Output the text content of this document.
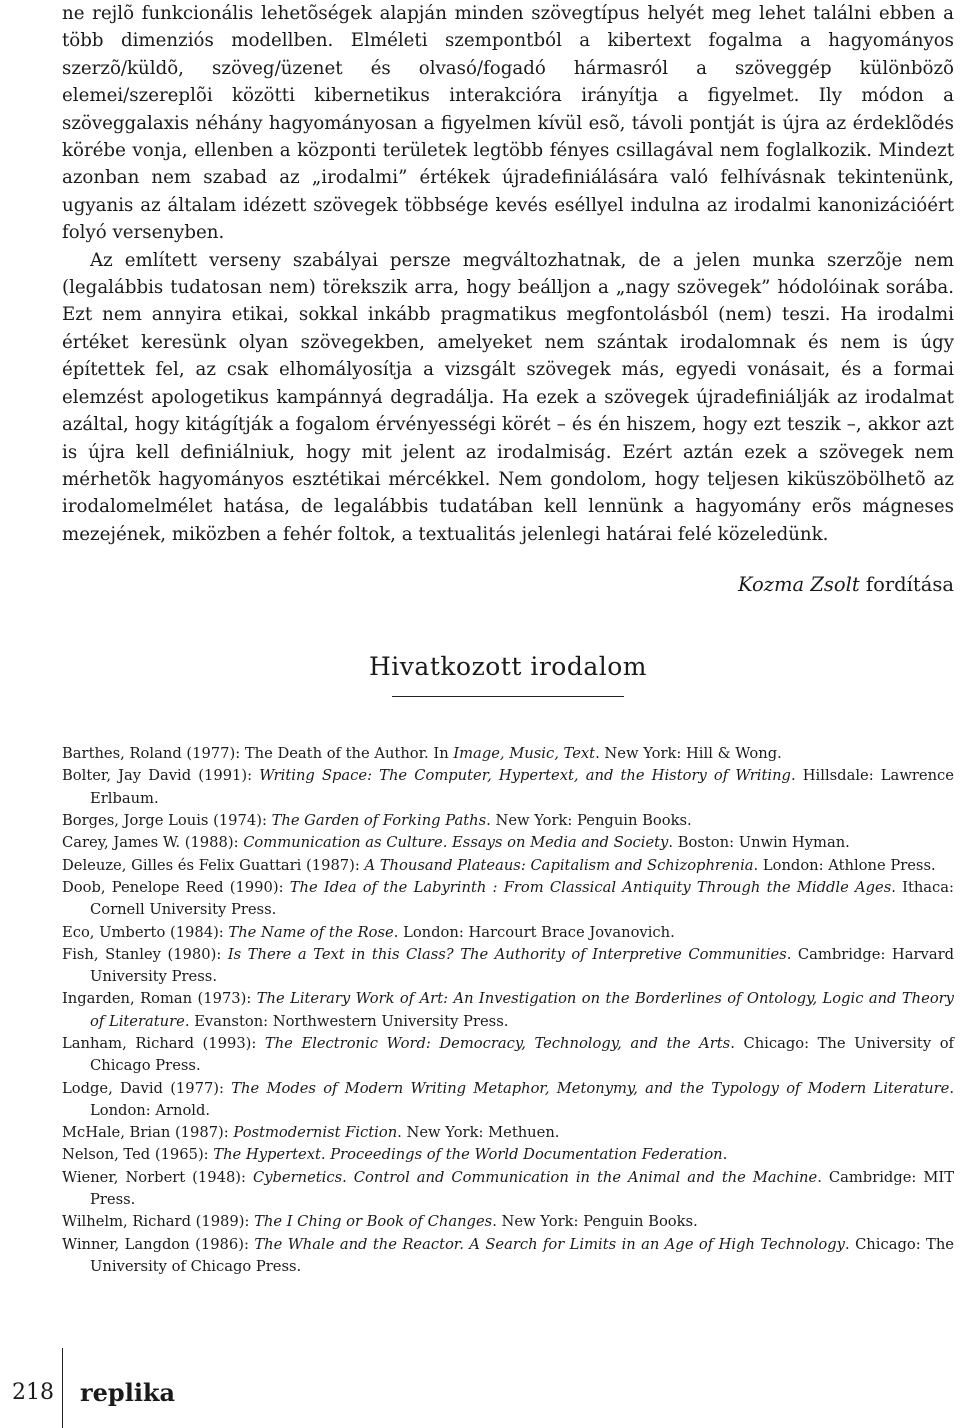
ne rejlõ funkcionális lehetõségek alapján minden szövegtípus helyét meg lehet találni ebben a több dimenziós modellben. Elméleti szempontból a kibertext fogalma a hagyományos szerzõ/küldõ, szöveg/üzenet és olvasó/fogadó hármasról a szöveggép különbözõ elemei/szereplõi közötti kibernetikus interakcióra irányítja a figyelmet. Ily módon a szöveggalaxis néhány hagyományosan a figyelmen kívül esõ, távoli pontját is újra az érdeklõdés körébe vonja, ellenben a központi területek legtöbb fényes csillagával nem foglalkozik. Mindezt azonban nem szabad az „irodalmi” értékek újradefiniálására való felhívásnak tekintenünk, ugyanis az általam idézett szövegek többsége kevés eséllyel indulna az irodalmi kanonizációért folyó versenyben.

Az említett verseny szabályai persze megváltozhatnak, de a jelen munka szerzõje nem (legalábbis tudatosan nem) törekszik arra, hogy beálljon a „nagy szövegek” hódolóinak sorába. Ezt nem annyira etikai, sokkal inkább pragmatikus megfontolásból (nem) teszi. Ha irodalmi értéket keresünk olyan szövegekben, amelyeket nem szántak irodalomnak és nem is úgy építettek fel, az csak elhomályosítja a vizsgált szövegek más, egyedi vonásait, és a formai elemzést apologetikus kampánnyá degradálja. Ha ezek a szövegek újradefiniálják az irodalmat azáltal, hogy kitágítják a fogalom érvényességi körét – és én hiszem, hogy ezt teszik –, akkor azt is újra kell definiálniuk, hogy mit jelent az irodalmiság. Ezért aztán ezek a szövegek nem mérhetõk hagyományos esztétikai mércékkel. Nem gondolom, hogy teljesen kiküszöbölhetõ az irodalomelmélet hatása, de legalábbis tudatában kell lennünk a hagyomány erõs mágneses mezejének, miközben a fehér foltok, a textualitás jelenlegi határai felé közeledünk.

Kozma Zsolt fordítása
Hivatkozott irodalom
Barthes, Roland (1977): The Death of the Author. In Image, Music, Text. New York: Hill & Wong.
Bolter, Jay David (1991): Writing Space: The Computer, Hypertext, and the History of Writing. Hillsdale: Lawrence Erlbaum.
Borges, Jorge Louis (1974): The Garden of Forking Paths. New York: Penguin Books.
Carey, James W. (1988): Communication as Culture. Essays on Media and Society. Boston: Unwin Hyman.
Deleuze, Gilles és Felix Guattari (1987): A Thousand Plateaus: Capitalism and Schizophrenia. London: Athlone Press.
Doob, Penelope Reed (1990): The Idea of the Labyrinth : From Classical Antiquity Through the Middle Ages. Ithaca: Cornell University Press.
Eco, Umberto (1984): The Name of the Rose. London: Harcourt Brace Jovanovich.
Fish, Stanley (1980): Is There a Text in this Class? The Authority of Interpretive Communities. Cambridge: Harvard University Press.
Ingarden, Roman (1973): The Literary Work of Art: An Investigation on the Borderlines of Ontology, Logic and Theory of Literature. Evanston: Northwestern University Press.
Lanham, Richard (1993): The Electronic Word: Democracy, Technology, and the Arts. Chicago: The University of Chicago Press.
Lodge, David (1977): The Modes of Modern Writing Metaphor, Metonymy, and the Typology of Modern Literature. London: Arnold.
McHale, Brian (1987): Postmodernist Fiction. New York: Methuen.
Nelson, Ted (1965): The Hypertext. Proceedings of the World Documentation Federation.
Wiener, Norbert (1948): Cybernetics. Control and Communication in the Animal and the Machine. Cambridge: MIT Press.
Wilhelm, Richard (1989): The I Ching or Book of Changes. New York: Penguin Books.
Winner, Langdon (1986): The Whale and the Reactor. A Search for Limits in an Age of High Technology. Chicago: The University of Chicago Press.
218 replika
